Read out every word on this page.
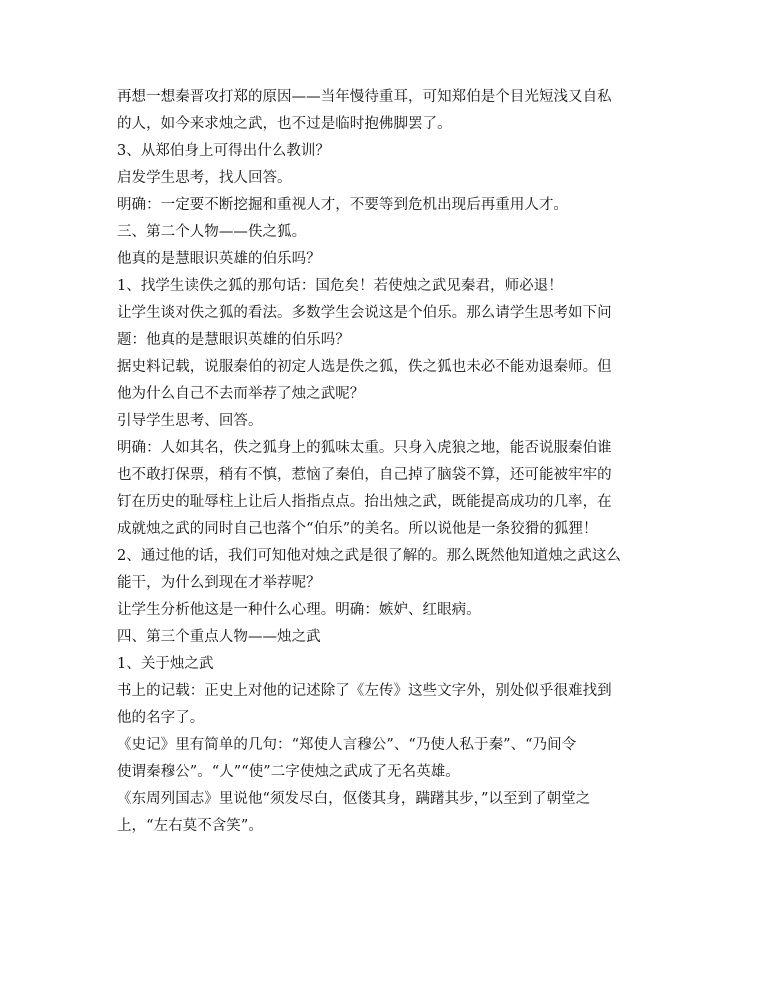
再想一想秦晋攻打郑的原因——当年慢待重耳，可知郑伯是个目光短浅又自私
的人，如今来求烛之武，也不过是临时抱佛脚罢了。
3、从郑伯身上可得出什么教训？
启发学生思考，找人回答。
明确：一定要不断挖掘和重视人才，不要等到危机出现后再重用人才。
三、第二个人物——佚之狐。
他真的是慧眼识英雄的伯乐吗？
1、找学生读佚之狐的那句话：国危矣！若使烛之武见秦君，师必退！
让学生谈对佚之狐的看法。多数学生会说这是个伯乐。那么请学生思考如下问
题：他真的是慧眼识英雄的伯乐吗？
据史料记载，说服秦伯的初定人选是佚之狐，佚之狐也未必不能劝退秦师。但
他为什么自己不去而举荐了烛之武呢？
引导学生思考、回答。
明确：人如其名，佚之狐身上的狐味太重。只身入虎狼之地，能否说服秦伯谁
也不敢打保票，稍有不慎，惹恼了秦伯，自己掉了脑袋不算，还可能被牢牢的
钉在历史的耻辱柱上让后人指指点点。抬出烛之武，既能提高成功的几率，在
成就烛之武的同时自己也落个“伯乐”的美名。所以说他是一条狡猾的狐狸！
2、通过他的话，我们可知他对烛之武是很了解的。那么既然他知道烛之武这么
能干，为什么到现在才举荐呢？
让学生分析他这是一种什么心理。明确：嫉妒、红眼病。
四、第三个重点人物——烛之武
1、关于烛之武
书上的记载：正史上对他的记述除了《左传》这些文字外，别处似乎很难找到
他的名字了。
《史记》里有简单的几句：“郑使人言穆公”、“乃使人私于秦”、“乃间令
使谓秦穆公”。“人”“使”二字使烛之武成了无名英雄。
《东周列国志》里说他“须发尽白，伛偻其身，蹒躇其步，”以至到了朝堂之
上，“左右莫不含笑”。
